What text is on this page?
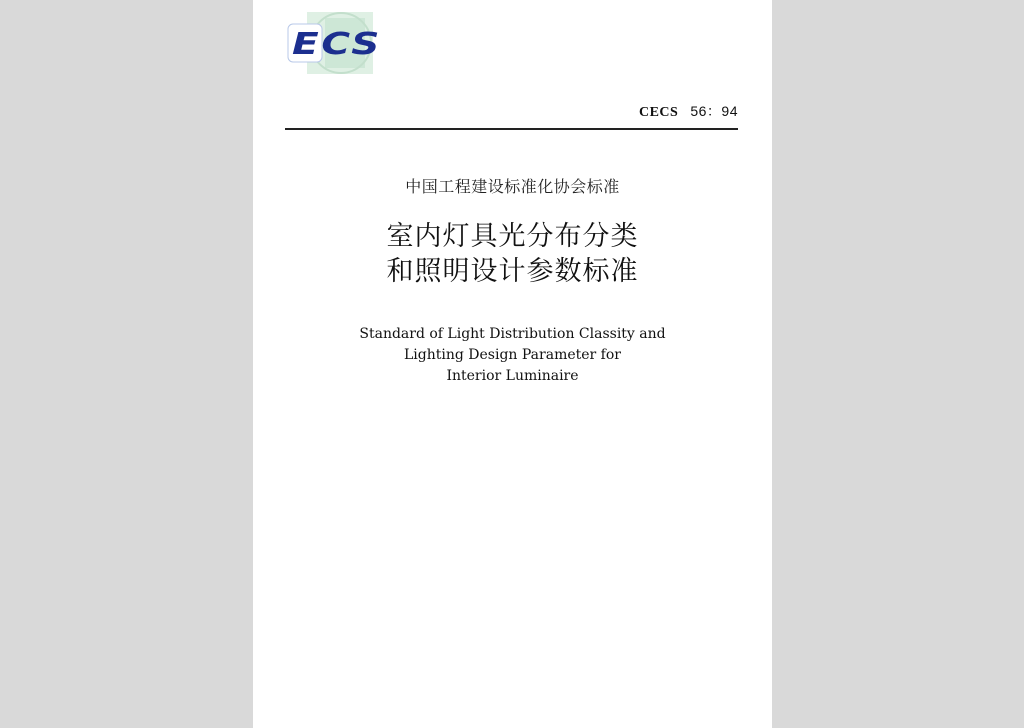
ECS
CECS 56：94
中国工程建设标准化协会标准
室内灯具光分布分类
和照明设计参数标准
Standard of Light Distribution Classity and
Lighting Design Parameter for
Interior Luminaire
